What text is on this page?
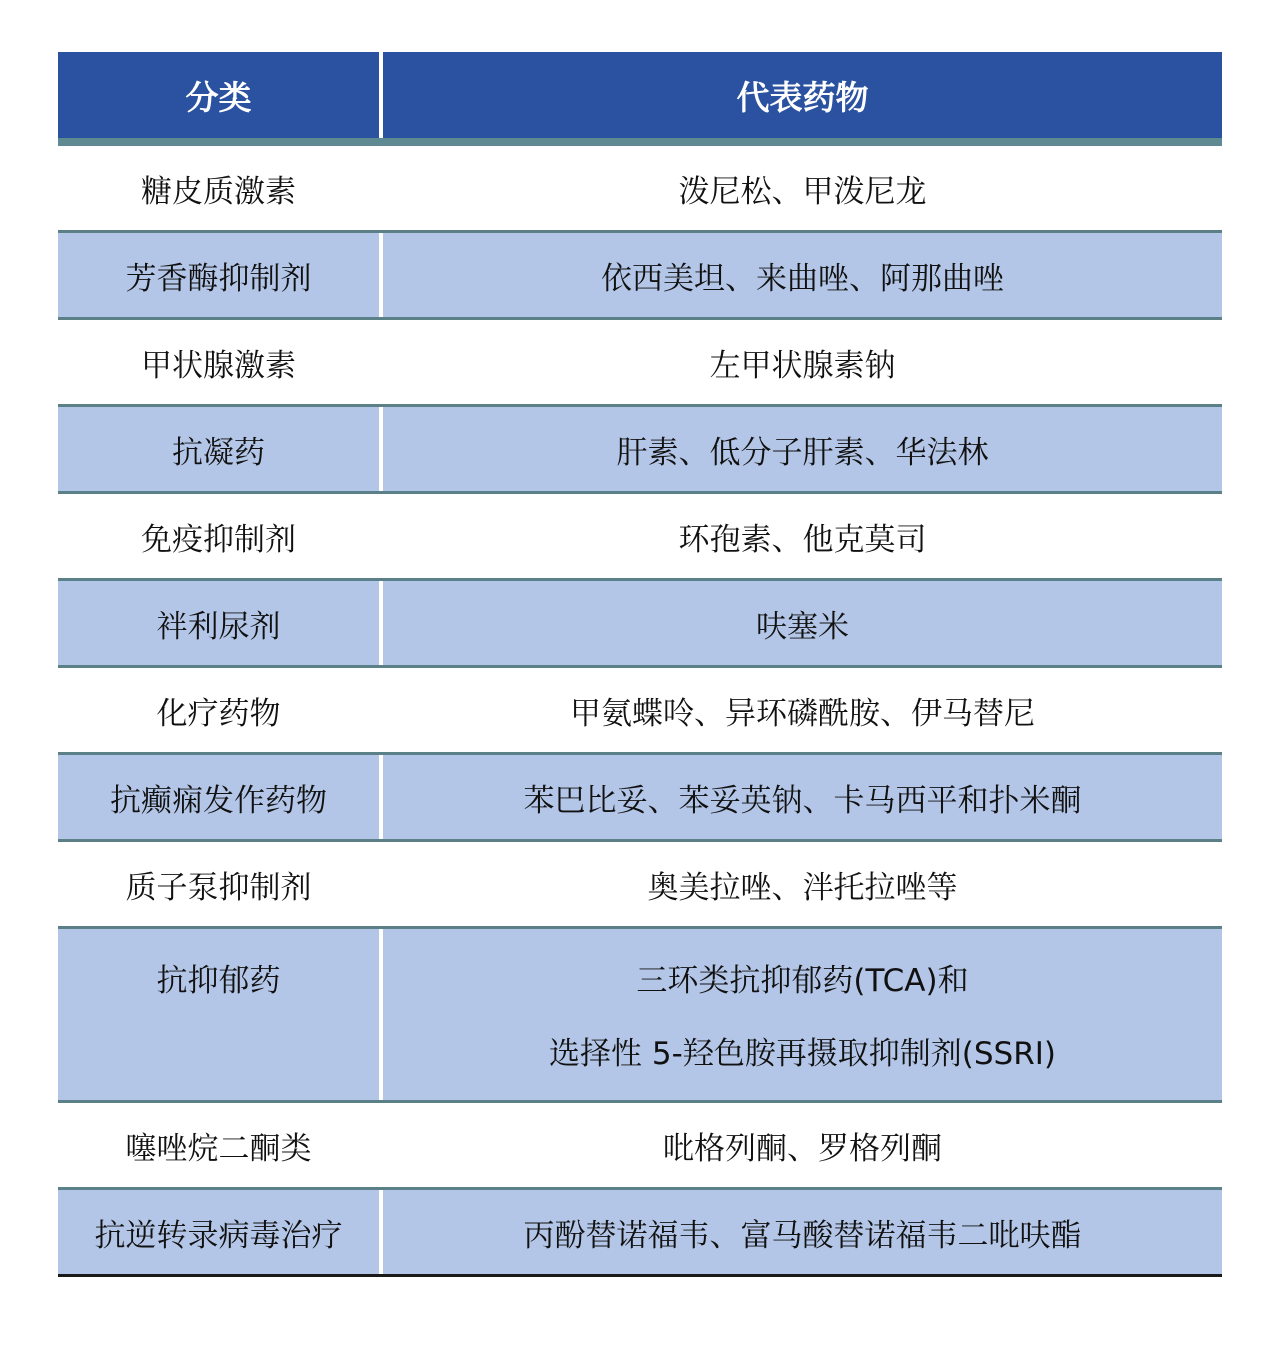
分类	代表药物
糖皮质激素	泼尼松、甲泼尼龙
芳香酶抑制剂	依西美坦、来曲唑、阿那曲唑
甲状腺激素	左甲状腺素钠
抗凝药	肝素、低分子肝素、华法林
免疫抑制剂	环孢素、他克莫司
袢利尿剂	呋塞米
化疗药物	甲氨蝶呤、异环磷酰胺、伊马替尼
抗癫痫发作药物	苯巴比妥、苯妥英钠、卡马西平和扑米酮
质子泵抑制剂	奥美拉唑、泮托拉唑等
抗抑郁药	三环类抗抑郁药(TCA)和
选择性 5-羟色胺再摄取抑制剂(SSRI)
噻唑烷二酮类	吡格列酮、罗格列酮
抗逆转录病毒治疗	丙酚替诺福韦、富马酸替诺福韦二吡呋酯
